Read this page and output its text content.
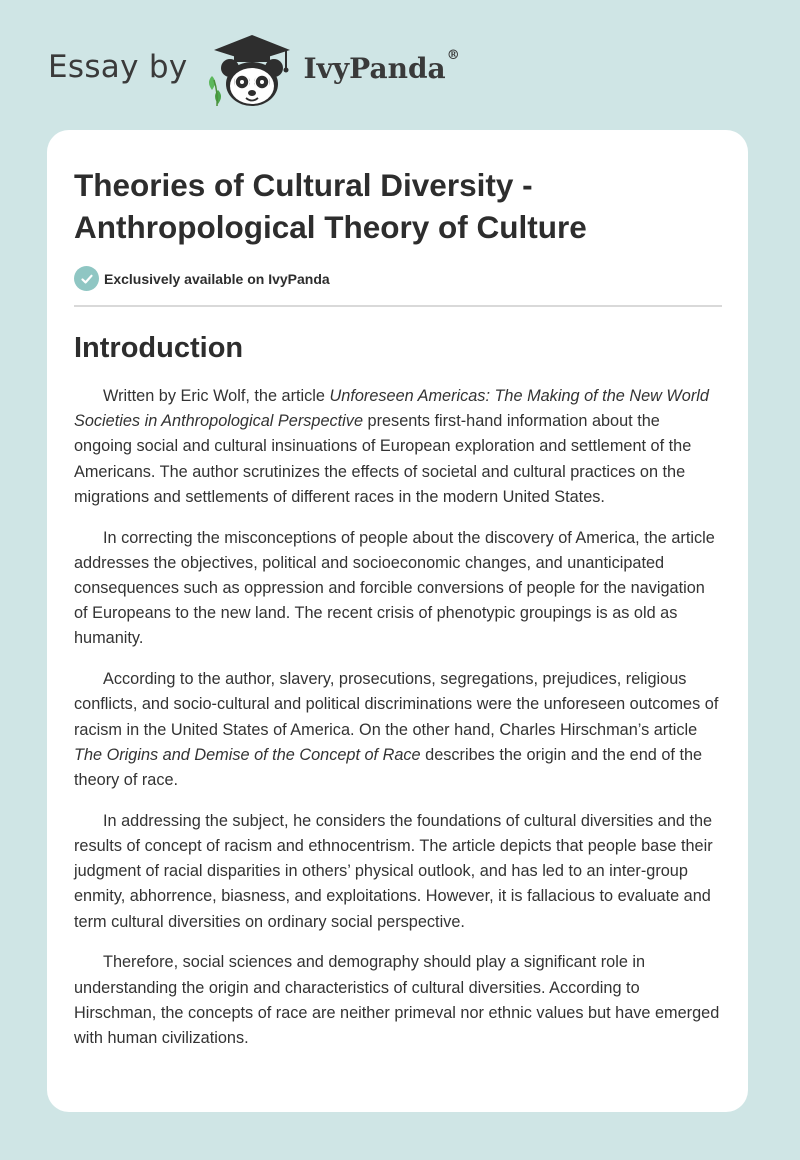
Essay by	IvyPanda®
Theories of Cultural Diversity -
Anthropological Theory of Culture
Exclusively available on IvyPanda
Introduction

Written by Eric Wolf, the article Unforeseen Americas: The Making of the New World Societies in Anthropological Perspective presents first-hand information about the ongoing social and cultural insinuations of European exploration and settlement of the Americans. The author scrutinizes the effects of societal and cultural practices on the migrations and settlements of different races in the modern United States.

In correcting the misconceptions of people about the discovery of America, the article addresses the objectives, political and socioeconomic changes, and unanticipated consequences such as oppression and forcible conversions of people for the navigation of Europeans to the new land. The recent crisis of phenotypic groupings is as old as humanity.

According to the author, slavery, prosecutions, segregations, prejudices, religious conflicts, and socio-cultural and political discriminations were the unforeseen outcomes of racism in the United States of America. On the other hand, Charles Hirschman’s article The Origins and Demise of the Concept of Race describes the origin and the end of the theory of race.

In addressing the subject, he considers the foundations of cultural diversities and the results of concept of racism and ethnocentrism. The article depicts that people base their judgment of racial disparities in others’ physical outlook, and has led to an inter-group enmity, abhorrence, biasness, and exploitations. However, it is fallacious to evaluate and term cultural diversities on ordinary social perspective.

Therefore, social sciences and demography should play a significant role in understanding the origin and characteristics of cultural diversities. According to Hirschman, the concepts of race are neither primeval nor ethnic values but have emerged with human civilizations.
